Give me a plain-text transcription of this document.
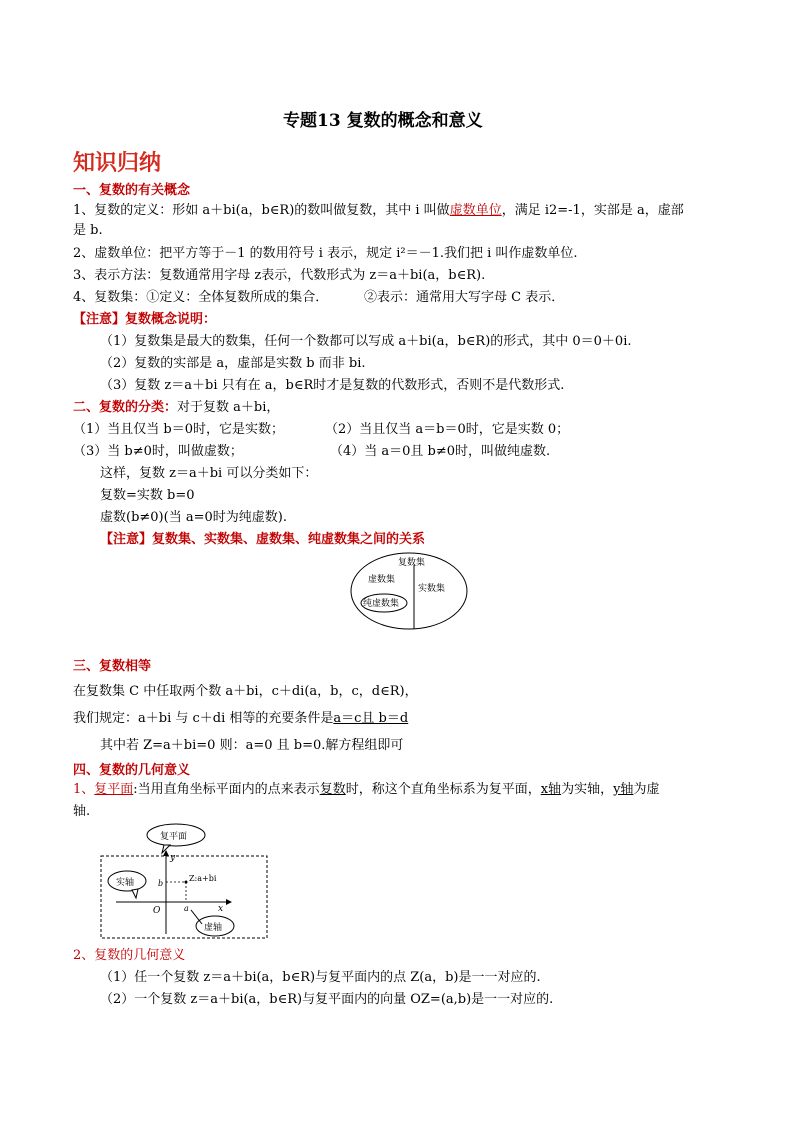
专题13 复数的概念和意义
知识归纳
一、复数的有关概念
1、复数的定义：形如 a＋bi(a，b∈R)的数叫做复数，其中 i 叫做虚数单位，满足 i2=-1，实部是 a，虚部
是 b.
2、虚数单位：把平方等于－1 的数用符号 i 表示，规定 i²＝－1.我们把 i 叫作虚数单位.
3、表示方法：复数通常用字母 z表示，代数形式为 z＝a＋bi(a，b∈R).
4、复数集：①定义：全体复数所成的集合．	②表示：通常用大写字母 C 表示．
【注意】复数概念说明：
（1）复数集是最大的数集，任何一个数都可以写成 a＋bi(a，b∈R)的形式，其中 0＝0＋0i.
（2）复数的实部是 a，虚部是实数 b 而非 bi.
（3）复数 z＝a＋bi 只有在 a，b∈R时才是复数的代数形式，否则不是代数形式.
二、复数的分类：对于复数 a＋bi，
（1）当且仅当 b＝0时，它是实数；	（2）当且仅当 a＝b＝0时，它是实数 0；
（3）当 b≠0时，叫做虚数；	（4）当 a＝0且 b≠0时，叫做纯虚数.
这样，复数 z＝a＋bi 可以分类如下：
复数=实数 b=0
虚数(b≠0)(当 a=0时为纯虚数).
【注意】复数集、实数集、虚数集、纯虚数集之间的关系
复数集
虚数集
实数集
纯虚数集
三、复数相等
在复数集 C 中任取两个数 a＋bi，c＋di(a，b，c，d∈R)，
我们规定：a＋bi 与 c＋di 相等的充要条件是a＝c且 b＝d
其中若 Z=a＋bi=0 则：a=0 且 b=0.解方程组即可
四、复数的几何意义
1、复平面:当用直角坐标平面内的点来表示复数时，称这个直角坐标系为复平面，x轴为实轴，y轴为虚
轴.
y
x
O	a
b
Z:a+bi
复平面
实轴
虚轴
2、复数的几何意义
（1）任一个复数 z＝a＋bi(a，b∈R)与复平面内的点 Z(a，b)是一一对应的.
（2）一个复数 z＝a＋bi(a，b∈R)与复平面内的向量 OZ=(a,b)是一一对应的.
